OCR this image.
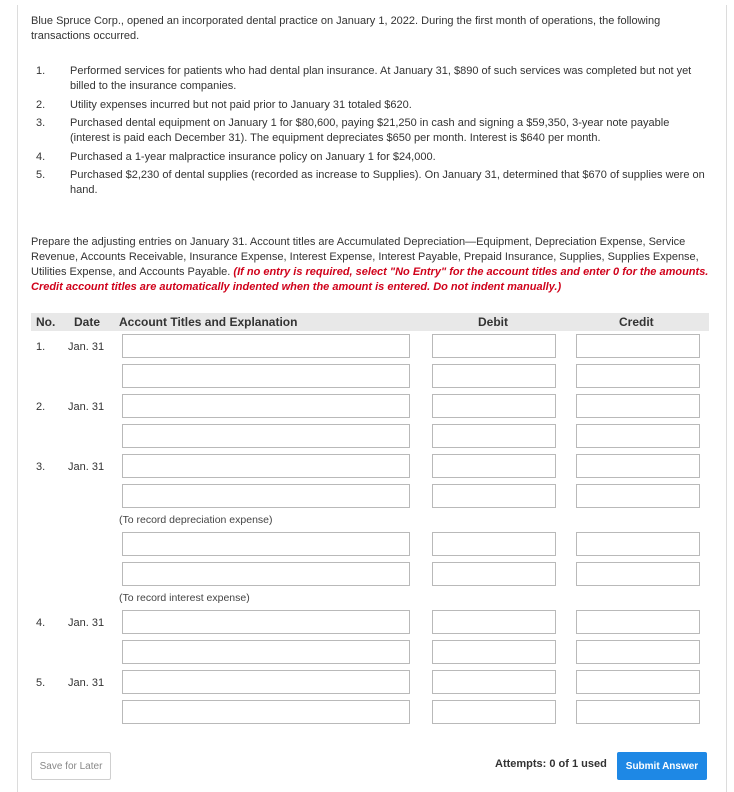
Blue Spruce Corp., opened an incorporated dental practice on January 1, 2022. During the first month of operations, the following transactions occurred.

1. Performed services for patients who had dental plan insurance. At January 31, $890 of such services was completed but not yet billed to the insurance companies.
2. Utility expenses incurred but not paid prior to January 31 totaled $620.
3. Purchased dental equipment on January 1 for $80,600, paying $21,250 in cash and signing a $59,350, 3-year note payable (interest is paid each December 31). The equipment depreciates $650 per month. Interest is $640 per month.
4. Purchased a 1-year malpractice insurance policy on January 1 for $24,000.
5. Purchased $2,230 of dental supplies (recorded as increase to Supplies). On January 31, determined that $670 of supplies were on hand.

Prepare the adjusting entries on January 31. Account titles are Accumulated Depreciation—Equipment, Depreciation Expense, Service Revenue, Accounts Receivable, Insurance Expense, Interest Expense, Interest Payable, Prepaid Insurance, Supplies, Supplies Expense, Utilities Expense, and Accounts Payable. (If no entry is required, select "No Entry" for the account titles and enter 0 for the amounts. Credit account titles are automatically indented when the amount is entered. Do not indent manually.)

No. Date Account Titles and Explanation	Debit	Credit
1. Jan. 31
2. Jan. 31
3. Jan. 31
(To record depreciation expense)
(To record interest expense)
4. Jan. 31
5. Jan. 31
Save for Later	Attempts: 0 of 1 used	Submit Answer
